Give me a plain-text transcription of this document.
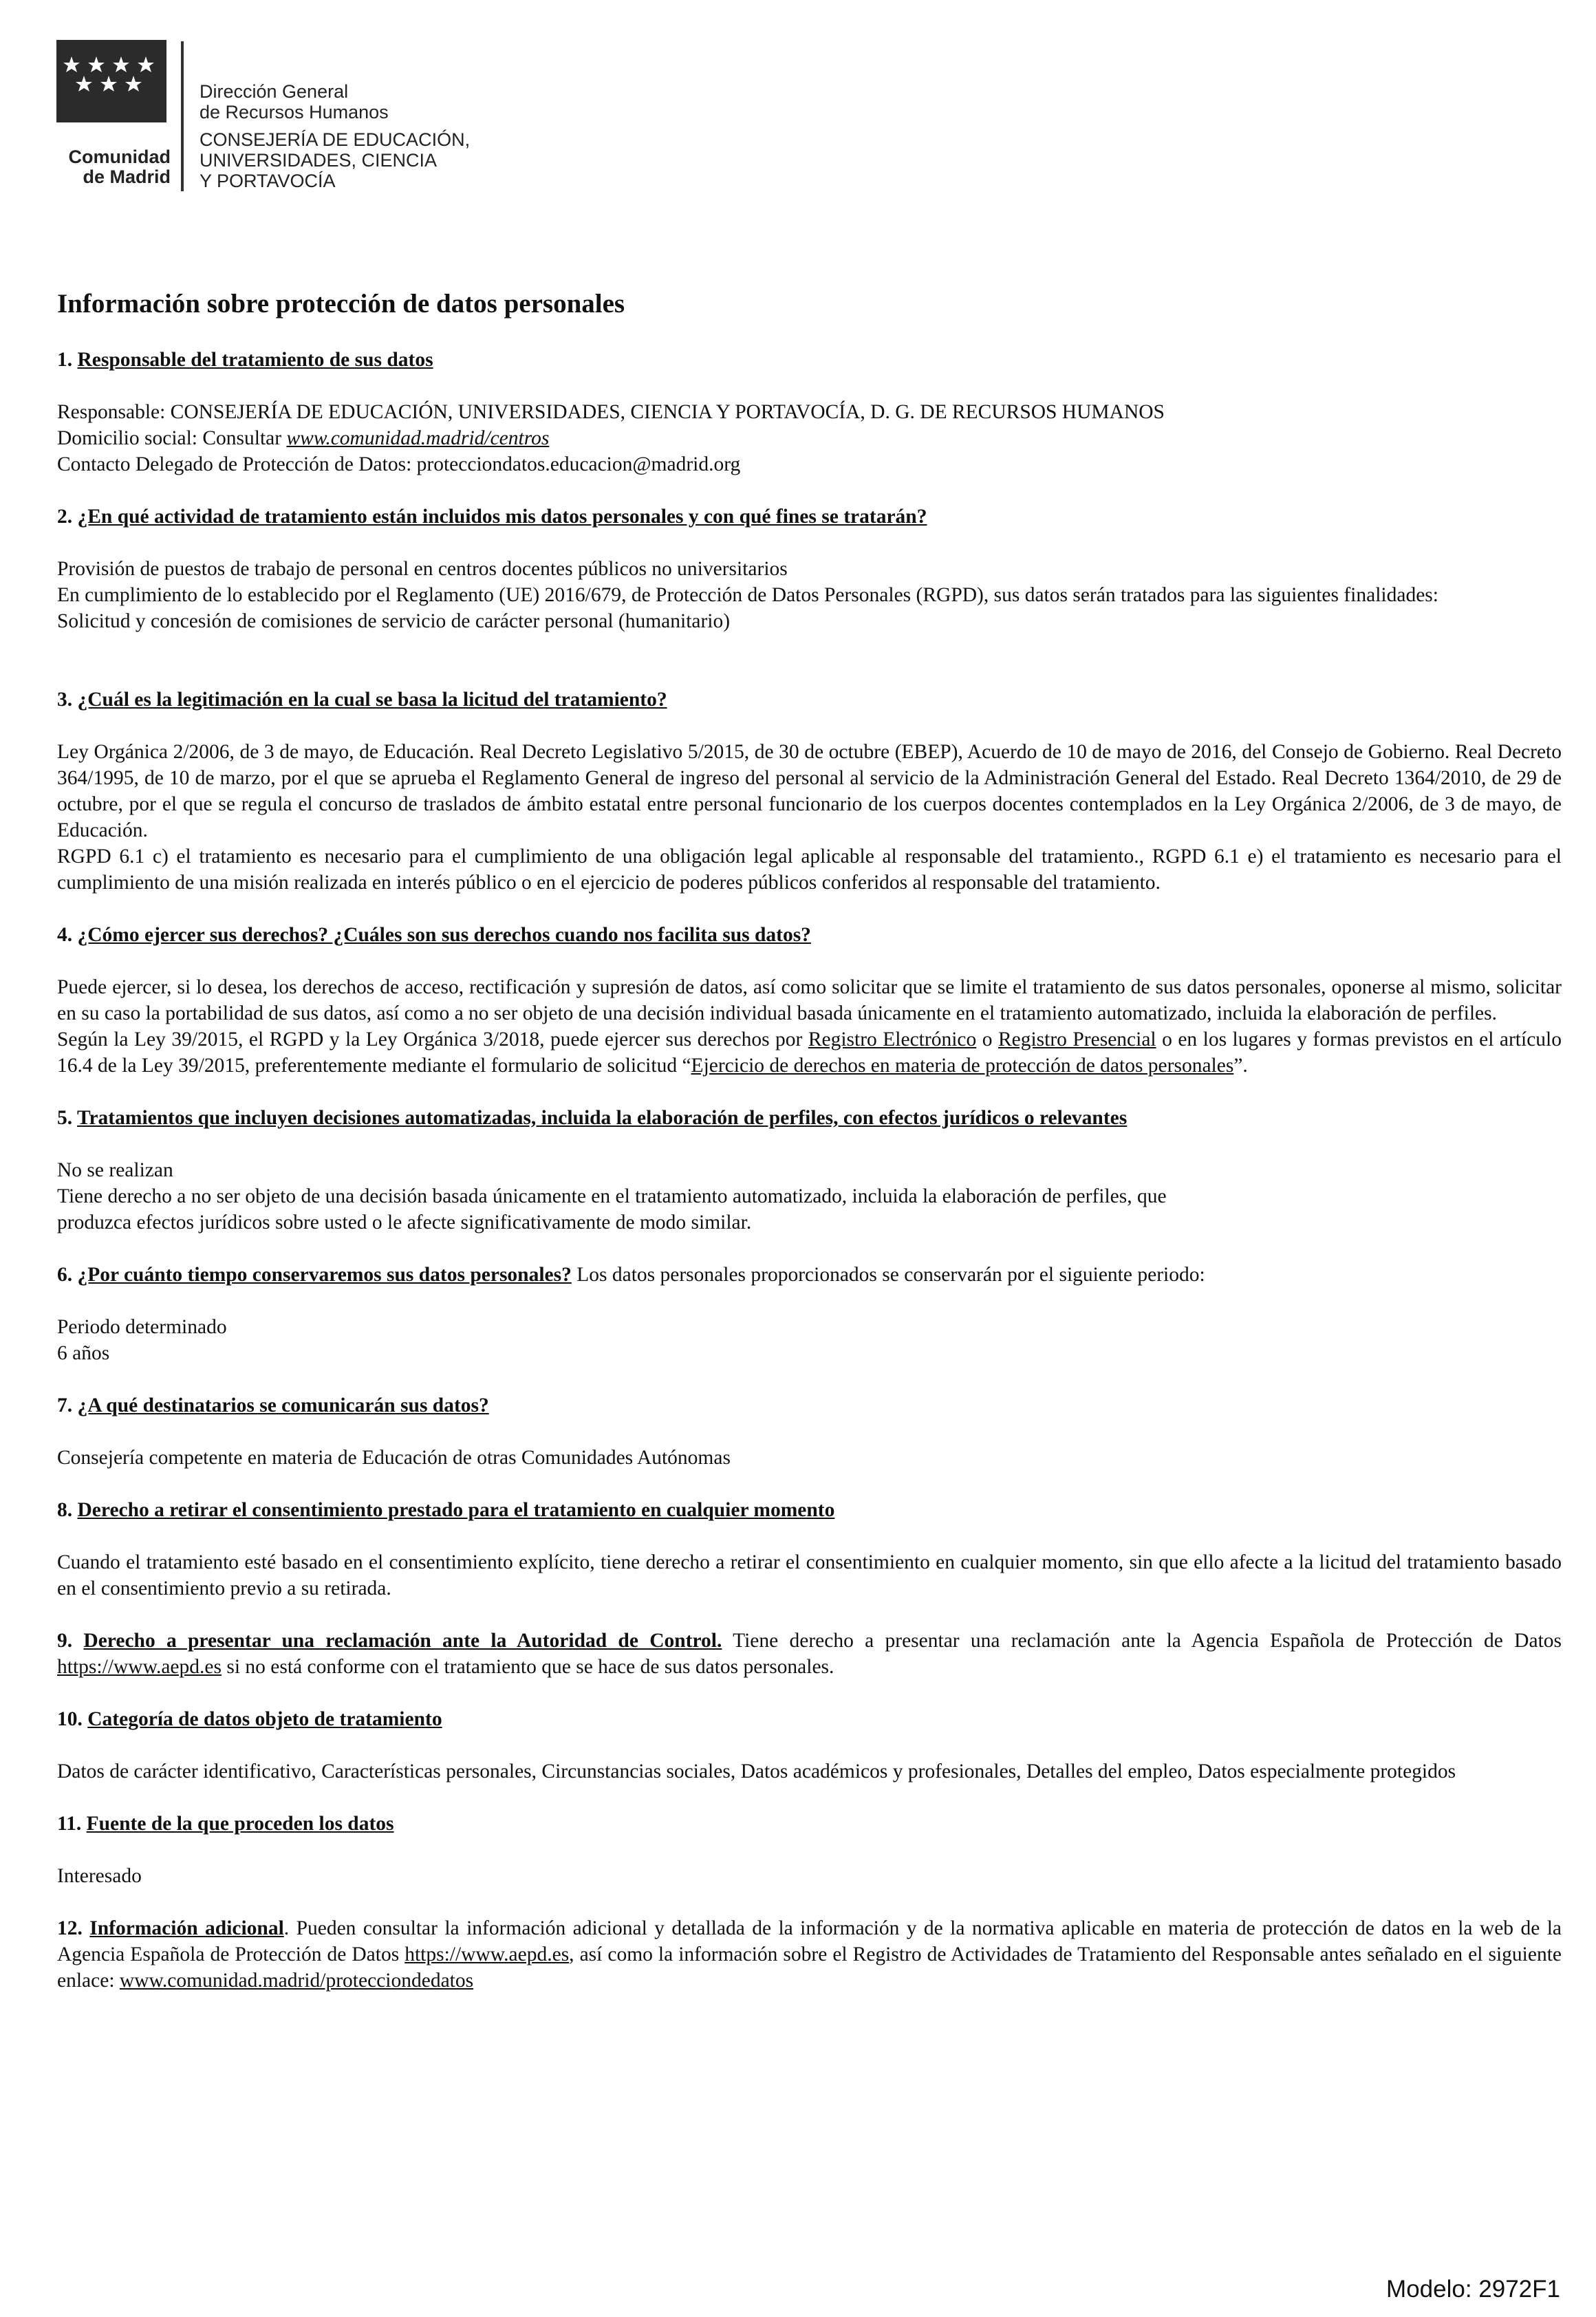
Comunidad
de Madrid
Dirección General
de Recursos Humanos
CONSEJERÍA DE EDUCACIÓN,
UNIVERSIDADES, CIENCIA
Y PORTAVOCÍA
Información sobre protección de datos personales

1. Responsable del tratamiento de sus datos

Responsable: CONSEJERÍA DE EDUCACIÓN, UNIVERSIDADES, CIENCIA Y PORTAVOCÍA, D. G. DE RECURSOS HUMANOS

Domicilio social: Consultar www.comunidad.madrid/centros

Contacto Delegado de Protección de Datos: protecciondatos.educacion@madrid.org

2. ¿En qué actividad de tratamiento están incluidos mis datos personales y con qué fines se tratarán?

Provisión de puestos de trabajo de personal en centros docentes públicos no universitarios

En cumplimiento de lo establecido por el Reglamento (UE) 2016/679, de Protección de Datos Personales (RGPD), sus datos serán tratados para las siguientes finalidades:

Solicitud y concesión de comisiones de servicio de carácter personal (humanitario)

3. ¿Cuál es la legitimación en la cual se basa la licitud del tratamiento?

Ley Orgánica 2/2006, de 3 de mayo, de Educación. Real Decreto Legislativo 5/2015, de 30 de octubre (EBEP), Acuerdo de 10 de mayo de 2016, del Consejo de Gobierno. Real Decreto 364/1995, de 10 de marzo, por el que se aprueba el Reglamento General de ingreso del personal al servicio de la Administración General del Estado. Real Decreto 1364/2010, de 29 de octubre, por el que se regula el concurso de traslados de ámbito estatal entre personal funcionario de los cuerpos docentes contemplados en la Ley Orgánica 2/2006, de 3 de mayo, de Educación.

RGPD 6.1 c) el tratamiento es necesario para el cumplimiento de una obligación legal aplicable al responsable del tratamiento., RGPD 6.1 e) el tratamiento es necesario para el cumplimiento de una misión realizada en interés público o en el ejercicio de poderes públicos conferidos al responsable del tratamiento.

4. ¿Cómo ejercer sus derechos? ¿Cuáles son sus derechos cuando nos facilita sus datos?

Puede ejercer, si lo desea, los derechos de acceso, rectificación y supresión de datos, así como solicitar que se limite el tratamiento de sus datos personales, oponerse al mismo, solicitar en su caso la portabilidad de sus datos, así como a no ser objeto de una decisión individual basada únicamente en el tratamiento automatizado, incluida la elaboración de perfiles.

Según la Ley 39/2015, el RGPD y la Ley Orgánica 3/2018, puede ejercer sus derechos por Registro Electrónico o Registro Presencial o en los lugares y formas previstos en el artículo 16.4 de la Ley 39/2015, preferentemente mediante el formulario de solicitud “Ejercicio de derechos en materia de protección de datos personales”.

5. Tratamientos que incluyen decisiones automatizadas, incluida la elaboración de perfiles, con efectos jurídicos o relevantes

No se realizan

Tiene derecho a no ser objeto de una decisión basada únicamente en el tratamiento automatizado, incluida la elaboración de perfiles, que

produzca efectos jurídicos sobre usted o le afecte significativamente de modo similar.

6. ¿Por cuánto tiempo conservaremos sus datos personales? Los datos personales proporcionados se conservarán por el siguiente periodo:

Periodo determinado

6 años

7. ¿A qué destinatarios se comunicarán sus datos?

Consejería competente en materia de Educación de otras Comunidades Autónomas

8. Derecho a retirar el consentimiento prestado para el tratamiento en cualquier momento

Cuando el tratamiento esté basado en el consentimiento explícito, tiene derecho a retirar el consentimiento en cualquier momento, sin que ello afecte a la licitud del tratamiento basado en el consentimiento previo a su retirada.

9. Derecho a presentar una reclamación ante la Autoridad de Control. Tiene derecho a presentar una reclamación ante la Agencia Española de Protección de Datos https://www.aepd.es si no está conforme con el tratamiento que se hace de sus datos personales.

10. Categoría de datos objeto de tratamiento

Datos de carácter identificativo, Características personales, Circunstancias sociales, Datos académicos y profesionales, Detalles del empleo, Datos especialmente protegidos

11. Fuente de la que proceden los datos

Interesado

12. Información adicional. Pueden consultar la información adicional y detallada de la información y de la normativa aplicable en materia de protección de datos en la web de la Agencia Española de Protección de Datos https://www.aepd.es, así como la información sobre el Registro de Actividades de Tratamiento del Responsable antes señalado en el siguiente enlace: www.comunidad.madrid/protecciondedatos

Modelo: 2972F1
